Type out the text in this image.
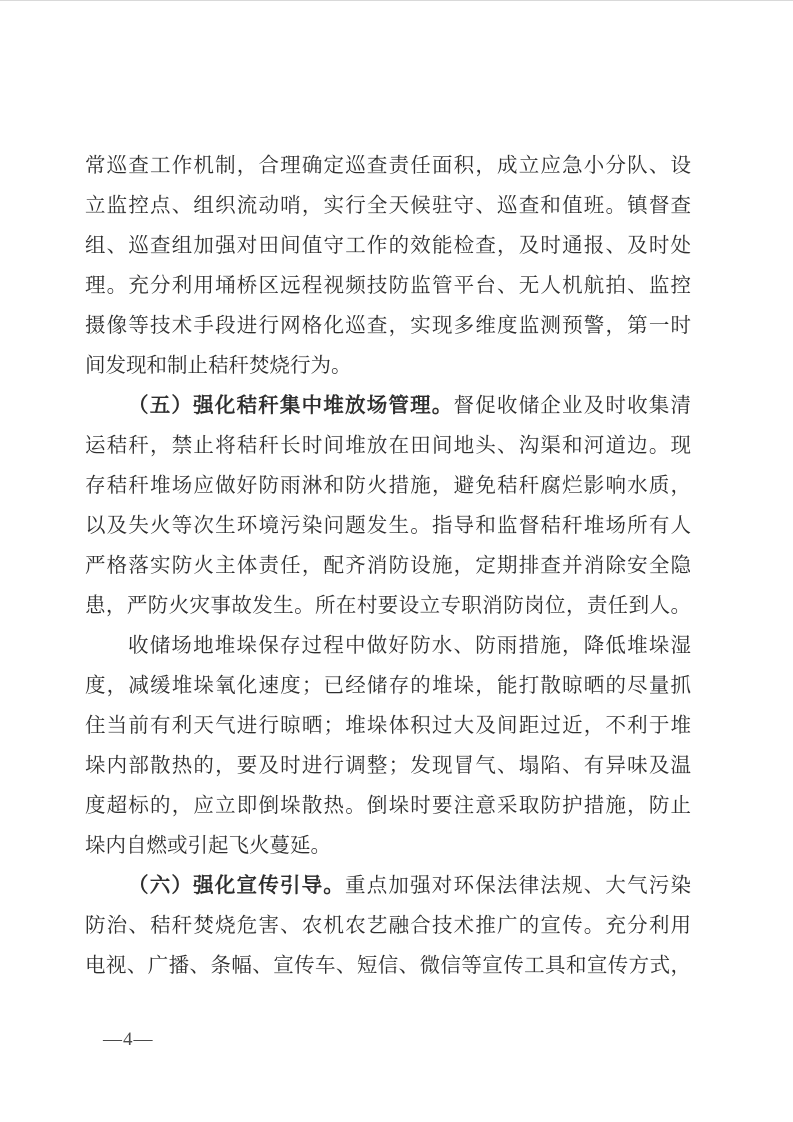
常巡查工作机制，合理确定巡查责任面积，成立应急小分队、设
立监控点、组织流动哨，实行全天候驻守、巡查和值班。镇督查
组、巡查组加强对田间值守工作的效能检查，及时通报、及时处
理。充分利用埇桥区远程视频技防监管平台、无人机航拍、监控
摄像等技术手段进行网格化巡查，实现多维度监测预警，第一时
间发现和制止秸秆焚烧行为。
（五）强化秸秆集中堆放场管理。督促收储企业及时收集清
运秸秆，禁止将秸秆长时间堆放在田间地头、沟渠和河道边。现
存秸秆堆场应做好防雨淋和防火措施，避免秸秆腐烂影响水质，
以及失火等次生环境污染问题发生。指导和监督秸秆堆场所有人
严格落实防火主体责任，配齐消防设施，定期排查并消除安全隐
患，严防火灾事故发生。所在村要设立专职消防岗位，责任到人。
收储场地堆垛保存过程中做好防水、防雨措施，降低堆垛湿
度，减缓堆垛氧化速度；已经储存的堆垛，能打散晾晒的尽量抓
住当前有利天气进行晾晒；堆垛体积过大及间距过近，不利于堆
垛内部散热的，要及时进行调整；发现冒气、塌陷、有异味及温
度超标的，应立即倒垛散热。倒垛时要注意采取防护措施，防止
垛内自燃或引起飞火蔓延。
（六）强化宣传引导。重点加强对环保法律法规、大气污染
防治、秸秆焚烧危害、农机农艺融合技术推广的宣传。充分利用
电视、广播、条幅、宣传车、短信、微信等宣传工具和宣传方式，
—4—
